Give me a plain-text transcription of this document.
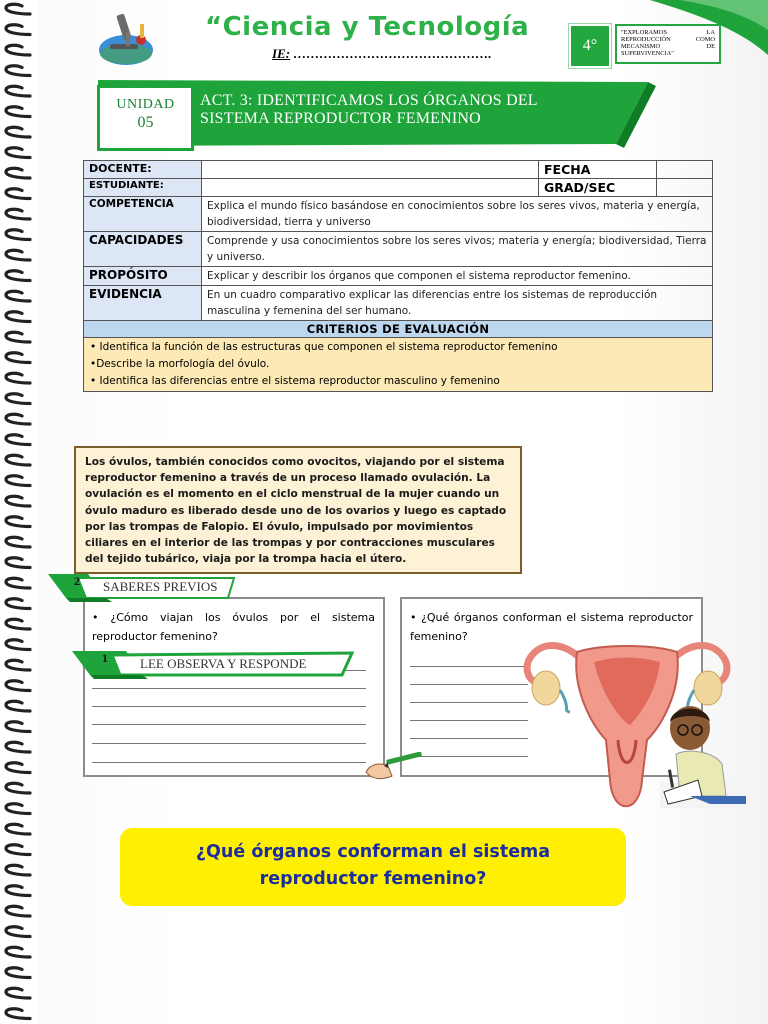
“Ciencia y Tecnología
IE: ……………………………………….	4°
"EXPLORAMOS LA REPRODUCCIÓN COMO MECANISMO DE SUPERVIVENCIA"
UNIDAD
05
ACT. 3: IDENTIFICAMOS LOS ÓRGANOS DEL
SISTEMA REPRODUCTOR FEMENINO
DOCENTE:		FECHA	
ESTUDIANTE:		GRAD/SEC	
COMPETENCIA	Explica el mundo físico basándose en conocimientos sobre los seres vivos, materia y energía, biodiversidad, tierra y universo		
CAPACIDADES	Comprende y usa conocimientos sobre los seres vivos; materia y energía; biodiversidad, Tierra y universo.		
PROPÓSITO	Explicar y describir los órganos que componen el sistema reproductor femenino.		
EVIDENCIA	En un cuadro comparativo explicar las diferencias entre los sistemas de reproducción masculina y femenina del ser humano.		
CRITERIOS DE EVALUACIÓN			

• Identifica la función de las estructuras que componen el sistema reproductor femenino
•Describe la morfología del óvulo.
• Identifica las diferencias entre el sistema reproductor masculino y femenino			
Los óvulos, también conocidos como ovocitos, viajando por el sistema reproductor femenino a través de un proceso llamado ovulación. La ovulación es el momento en el ciclo menstrual de la mujer cuando un óvulo maduro es liberado desde uno de los ovarios y luego es captado por las trompas de Falopio. El óvulo, impulsado por movimientos ciliares en el interior de las trompas y por contracciones musculares del tejido tubárico, viaja por la trompa hacia el útero.
• ¿Cómo viajan los óvulos por el sistema reproductor femenino?
• ¿Qué órganos conforman el sistema reproductor femenino?
2 SABERES PREVIOS
1 LEE OBSERVA Y RESPONDE
¿Qué órganos conforman el sistema
reproductor femenino?
